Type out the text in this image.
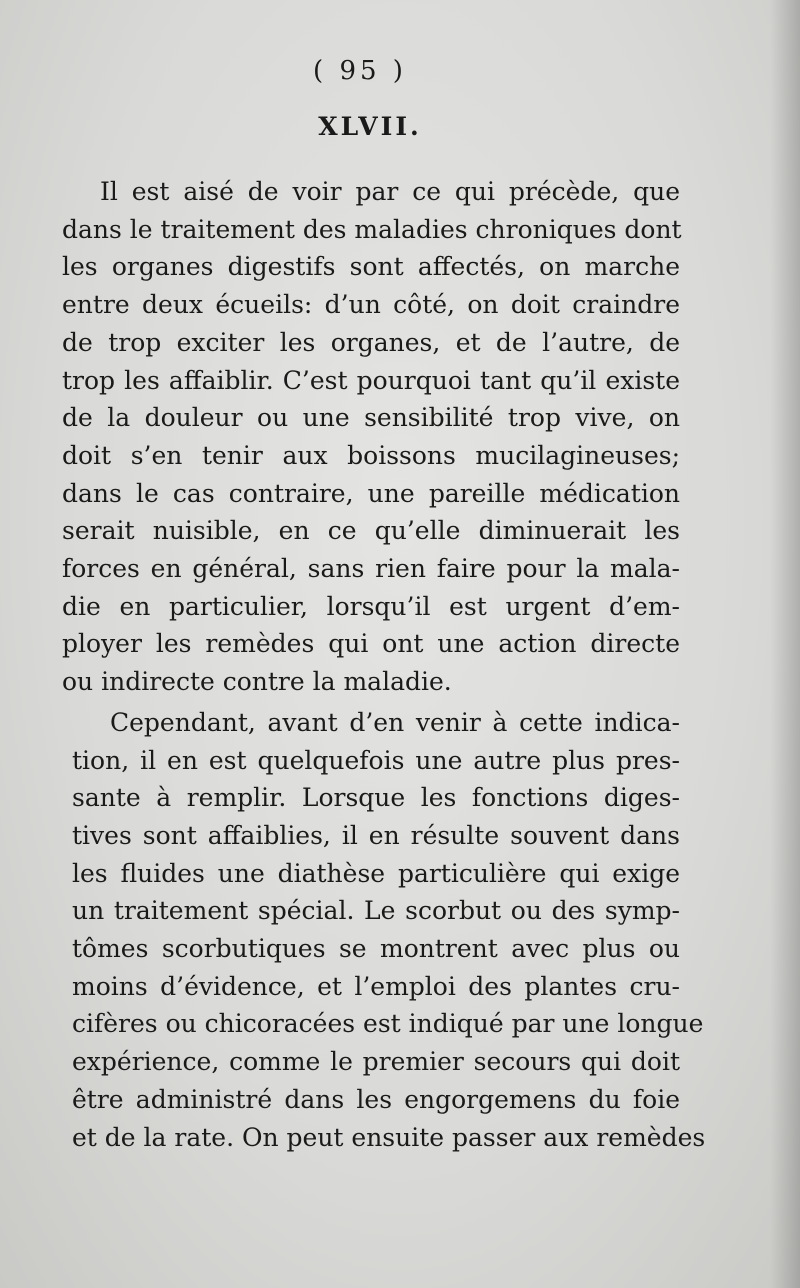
( 95 )
XLVII.
Il est aisé de voir par ce qui précède, que
dans le traitement des maladies chroniques dont
les organes digestifs sont affectés, on marche
entre deux écueils: d’un côté, on doit craindre
de trop exciter les organes, et de l’autre, de
trop les affaiblir. C’est pourquoi tant qu’il existe
de la douleur ou une sensibilité trop vive, on
doit s’en tenir aux boissons mucilagineuses;
dans le cas contraire, une pareille médication
serait nuisible, en ce qu’elle diminuerait les
forces en général, sans rien faire pour la mala-
die en particulier, lorsqu’il est urgent d’em-
ployer les remèdes qui ont une action directe
ou indirecte contre la maladie.
Cependant, avant d’en venir à cette indica-
tion, il en est quelquefois une autre plus pres-
sante à remplir. Lorsque les fonctions diges-
tives sont affaiblies, il en résulte souvent dans
les fluides une diathèse particulière qui exige
un traitement spécial. Le scorbut ou des symp-
tômes scorbutiques se montrent avec plus ou
moins d’évidence, et l’emploi des plantes cru-
cifères ou chicoracées est indiqué par une longue
expérience, comme le premier secours qui doit
être administré dans les engorgemens du foie
et de la rate. On peut ensuite passer aux remèdes
